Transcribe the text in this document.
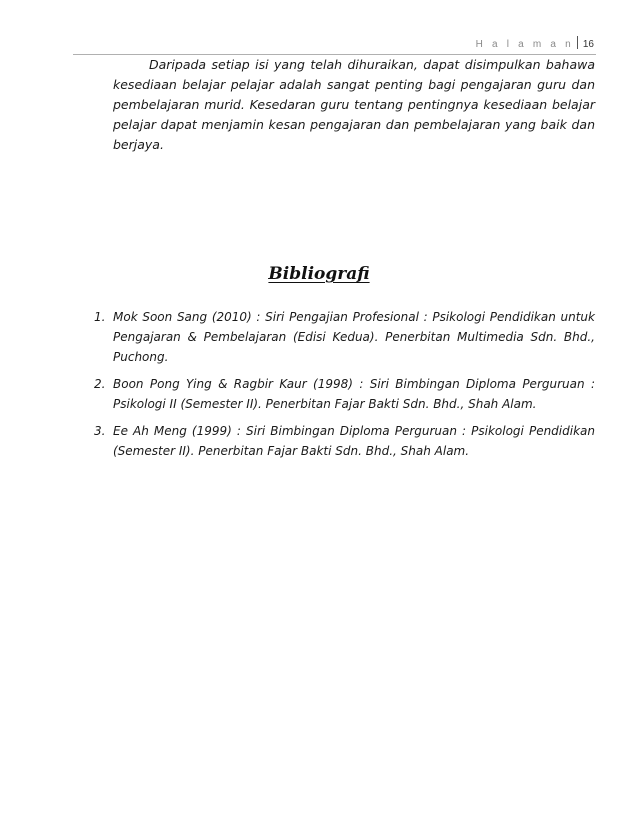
H a l a m a n 16

Daripada setiap isi yang telah dihuraikan, dapat disimpulkan bahawa kesediaan belajar pelajar adalah sangat penting bagi pengajaran guru dan pembelajaran murid. Kesedaran guru tentang pentingnya kesediaan belajar pelajar dapat menjamin kesan pengajaran dan pembelajaran yang baik dan berjaya.

Bibliografi
1. Mok Soon Sang (2010) : Siri Pengajian Profesional : Psikologi Pendidikan untuk Pengajaran & Pembelajaran (Edisi Kedua). Penerbitan Multimedia Sdn. Bhd., Puchong.
2. Boon Pong Ying & Ragbir Kaur (1998) : Siri Bimbingan Diploma Perguruan : Psikologi II (Semester II). Penerbitan Fajar Bakti Sdn. Bhd., Shah Alam.
3. Ee Ah Meng (1999) : Siri Bimbingan Diploma Perguruan : Psikologi Pendidikan (Semester II). Penerbitan Fajar Bakti Sdn. Bhd., Shah Alam.
